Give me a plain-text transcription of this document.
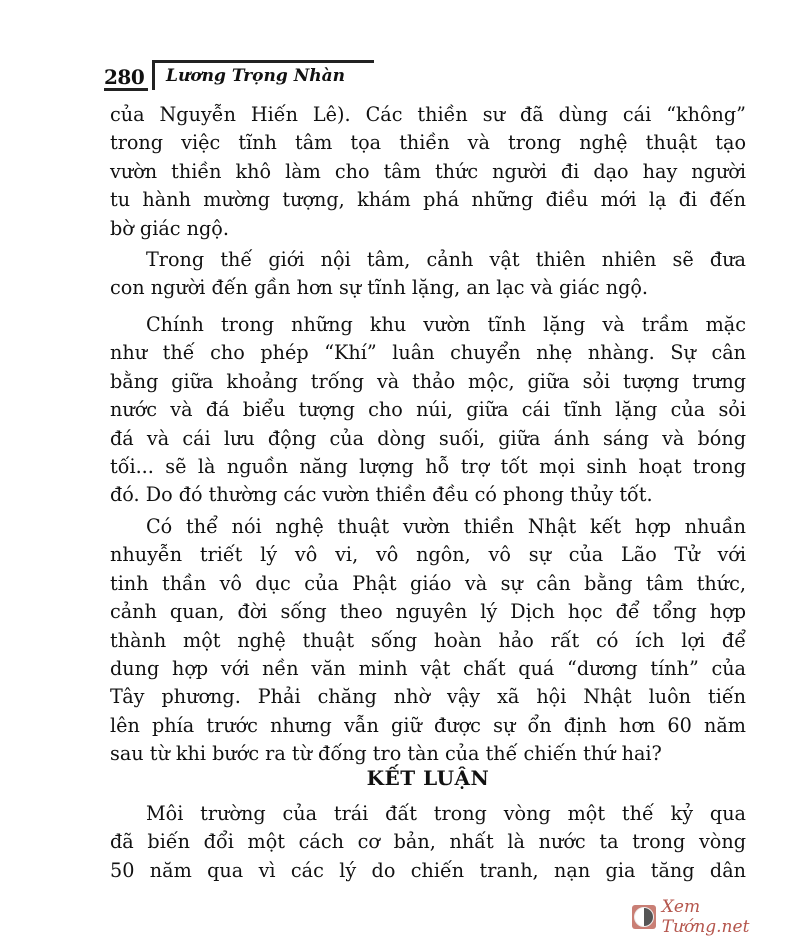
280 Lương Trọng Nhàn
của Nguyễn Hiến Lê). Các thiền sư đã dùng cái “không”
trong việc tĩnh tâm tọa thiền và trong nghệ thuật tạo
vườn thiền khô làm cho tâm thức người đi dạo hay người
tu hành mường tượng, khám phá những điều mới lạ đi đến
bờ giác ngộ.
Trong thế giới nội tâm, cảnh vật thiên nhiên sẽ đưa
con người đến gần hơn sự tĩnh lặng, an lạc và giác ngộ.
Chính trong những khu vườn tĩnh lặng và trầm mặc
như thế cho phép “Khí” luân chuyển nhẹ nhàng. Sự cân
bằng giữa khoảng trống và thảo mộc, giữa sỏi tượng trưng
nước và đá biểu tượng cho núi, giữa cái tĩnh lặng của sỏi
đá và cái lưu động của dòng suối, giữa ánh sáng và bóng
tối... sẽ là nguồn năng lượng hỗ trợ tốt mọi sinh hoạt trong
đó. Do đó thường các vườn thiền đều có phong thủy tốt.
Có thể nói nghệ thuật vườn thiền Nhật kết hợp nhuần
nhuyễn triết lý vô vi, vô ngôn, vô sự của Lão Tử với
tinh thần vô dục của Phật giáo và sự cân bằng tâm thức,
cảnh quan, đời sống theo nguyên lý Dịch học để tổng hợp
thành một nghệ thuật sống hoàn hảo rất có ích lợi để
dung hợp với nền văn minh vật chất quá “dương tính” của
Tây phương. Phải chăng nhờ vậy xã hội Nhật luôn tiến
lên phía trước nhưng vẫn giữ được sự ổn định hơn 60 năm
sau từ khi bước ra từ đống tro tàn của thế chiến thứ hai?
KẾT LUẬN
Môi trường của trái đất trong vòng một thế kỷ qua
đã biến đổi một cách cơ bản, nhất là nước ta trong vòng
50 năm qua vì các lý do chiến tranh, nạn gia tăng dân
Xem Tướng.net
